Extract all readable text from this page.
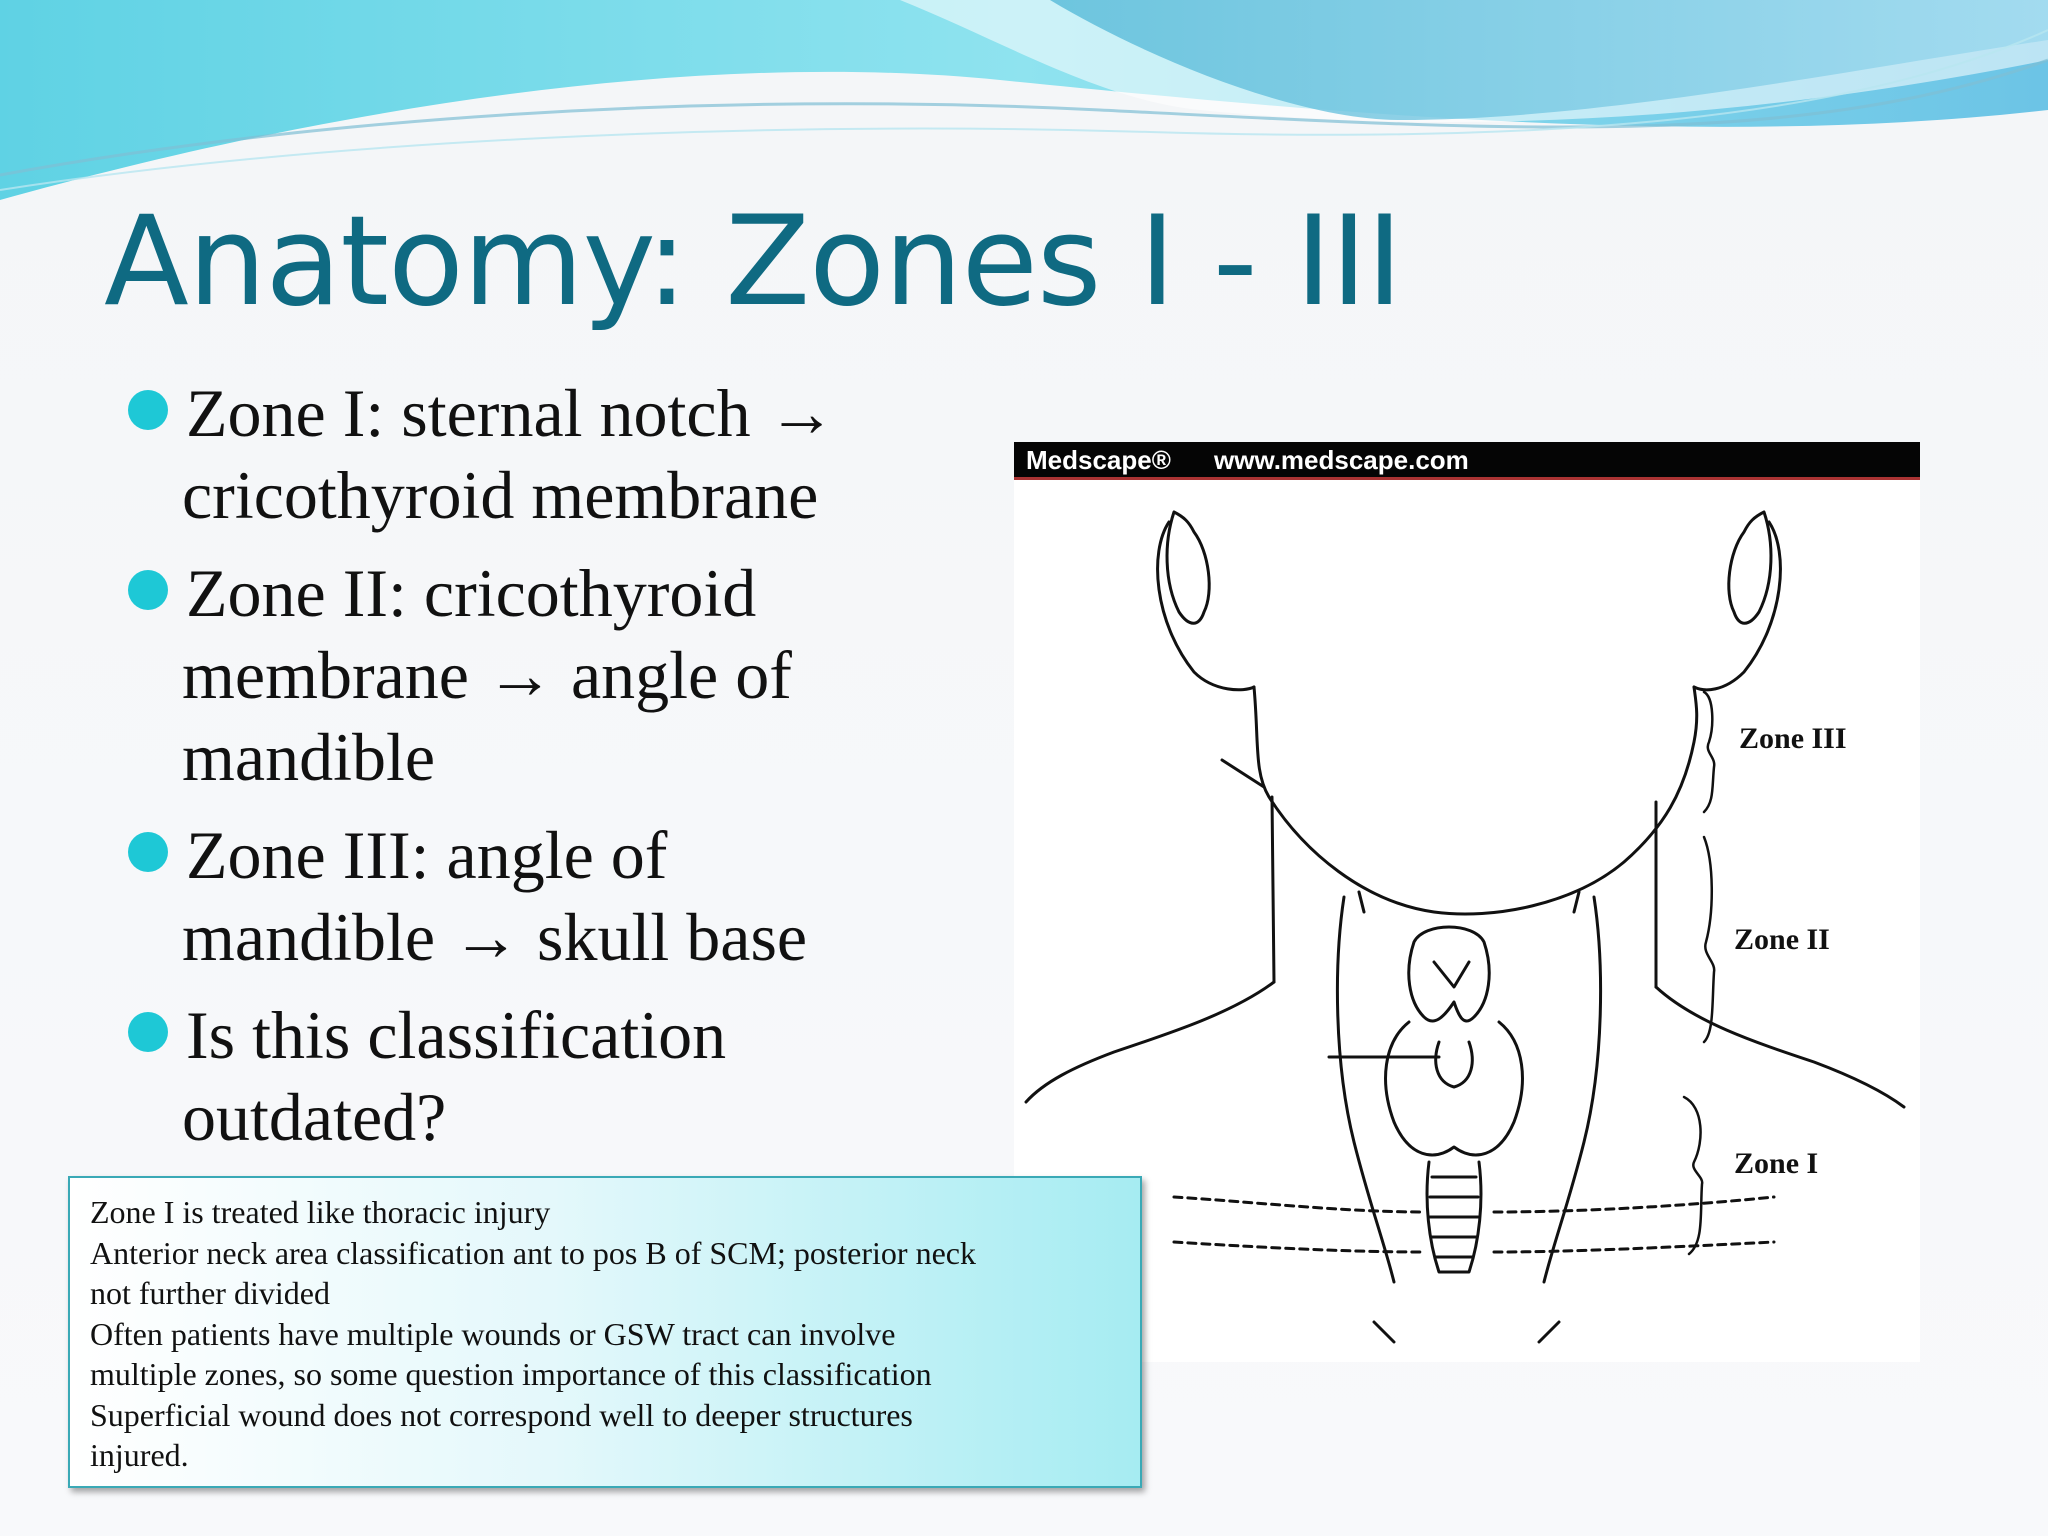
Anatomy: Zones I - III
Zone I: sternal notch →
cricothyroid membrane
Zone II: cricothyroid
membrane → angle of
mandible
Zone III: angle of
mandible → skull base
Is this classification
outdated?
Medscape® www.medscape.com
Zone III
Zone II
Zone I
Zone I is treated like thoracic injury
Anterior neck area classification ant to pos B of SCM; posterior neck
not further divided
Often patients have multiple wounds or GSW tract can involve
multiple zones, so some question importance of this classification
Superficial wound does not correspond well to deeper structures
injured.
